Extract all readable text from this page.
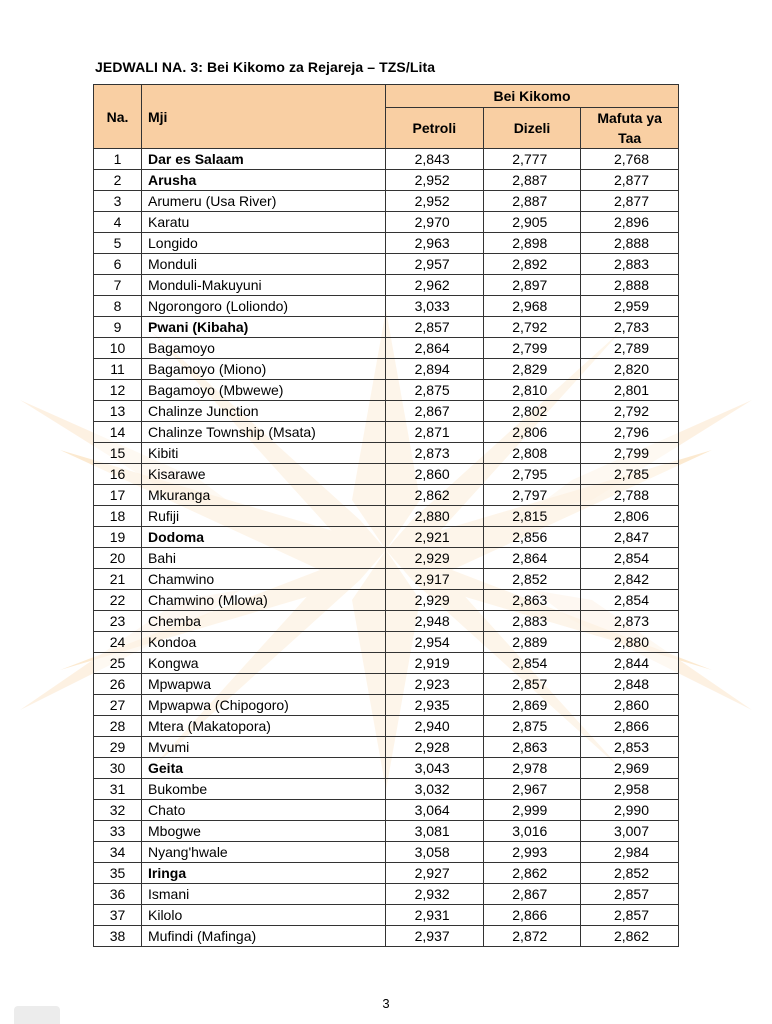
JEDWALI NA. 3: Bei Kikomo za Rejareja – TZS/Lita
Na.	Mji	Bei Kikomo		
		Petroli	Dizeli	Mafuta ya Taa
1	Dar es Salaam	2,843	2,777	2,768
2	Arusha	2,952	2,887	2,877
3	Arumeru (Usa River)	2,952	2,887	2,877
4	Karatu	2,970	2,905	2,896
5	Longido	2,963	2,898	2,888
6	Monduli	2,957	2,892	2,883
7	Monduli-Makuyuni	2,962	2,897	2,888
8	Ngorongoro (Loliondo)	3,033	2,968	2,959
9	Pwani (Kibaha)	2,857	2,792	2,783
10	Bagamoyo	2,864	2,799	2,789
11	Bagamoyo (Miono)	2,894	2,829	2,820
12	Bagamoyo (Mbwewe)	2,875	2,810	2,801
13	Chalinze Junction	2,867	2,802	2,792
14	Chalinze Township (Msata)	2,871	2,806	2,796
15	Kibiti	2,873	2,808	2,799
16	Kisarawe	2,860	2,795	2,785
17	Mkuranga	2,862	2,797	2,788
18	Rufiji	2,880	2,815	2,806
19	Dodoma	2,921	2,856	2,847
20	Bahi	2,929	2,864	2,854
21	Chamwino	2,917	2,852	2,842
22	Chamwino (Mlowa)	2,929	2,863	2,854
23	Chemba	2,948	2,883	2,873
24	Kondoa	2,954	2,889	2,880
25	Kongwa	2,919	2,854	2,844
26	Mpwapwa	2,923	2,857	2,848
27	Mpwapwa (Chipogoro)	2,935	2,869	2,860
28	Mtera (Makatopora)	2,940	2,875	2,866
29	Mvumi	2,928	2,863	2,853
30	Geita	3,043	2,978	2,969
31	Bukombe	3,032	2,967	2,958
32	Chato	3,064	2,999	2,990
33	Mbogwe	3,081	3,016	3,007
34	Nyang'hwale	3,058	2,993	2,984
35	Iringa	2,927	2,862	2,852
36	Ismani	2,932	2,867	2,857
37	Kilolo	2,931	2,866	2,857
38	Mufindi (Mafinga)	2,937	2,872	2,862
3
